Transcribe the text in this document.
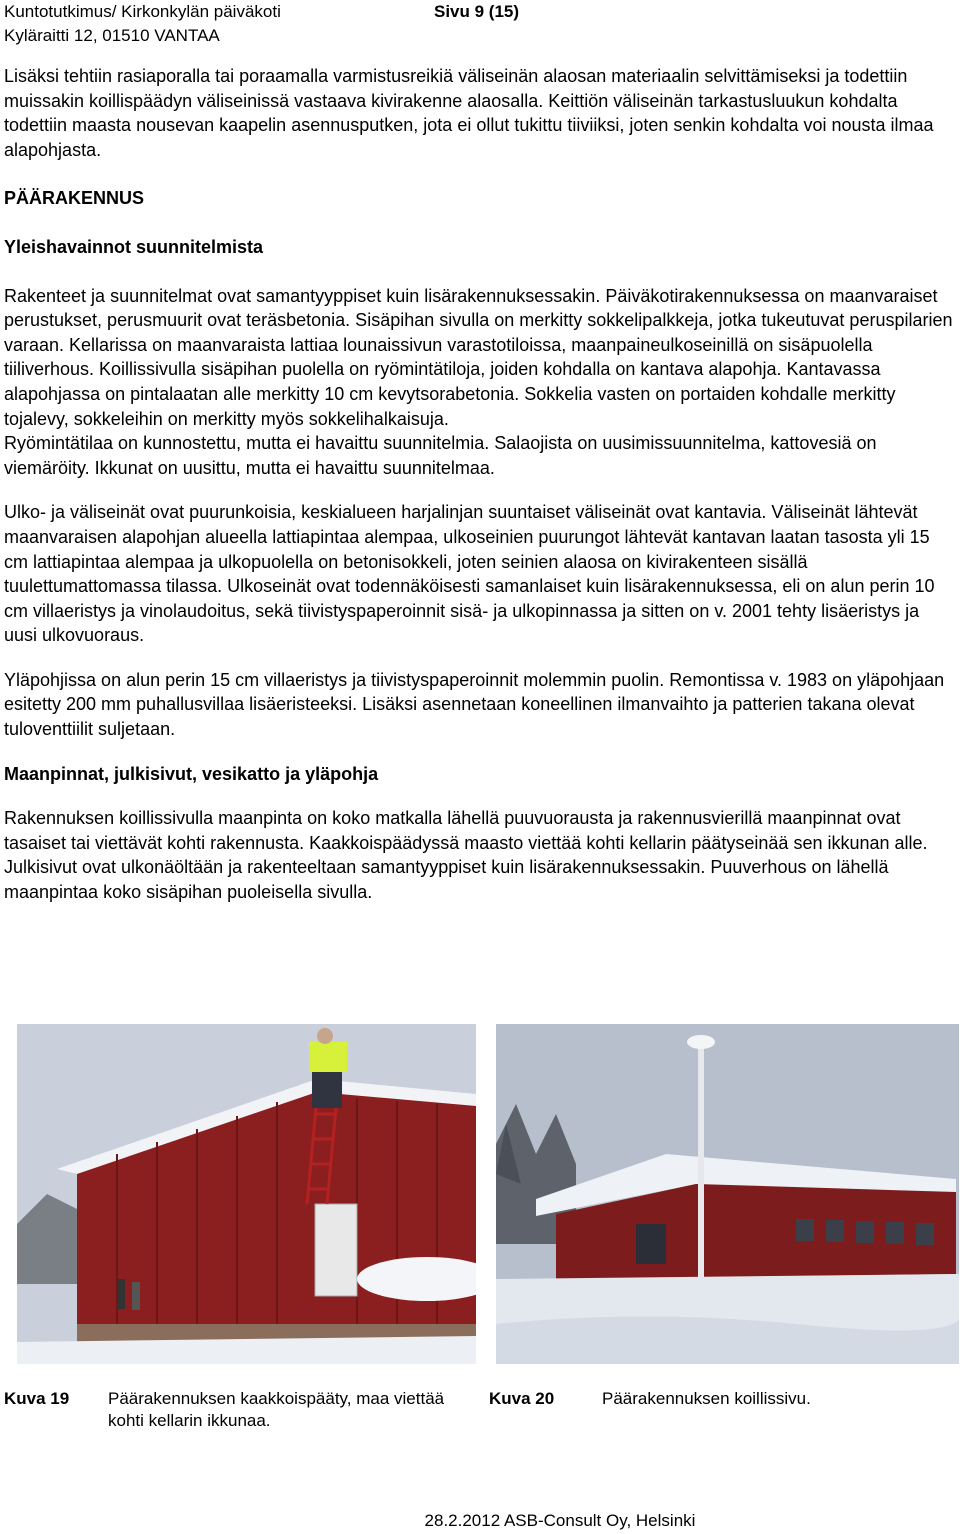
Kuntotutkimus/ Kirkonkylän päiväkoti
Kyläraitti 12, 01510 VANTAA
Sivu 9 (15)

Lisäksi tehtiin rasiaporalla tai poraamalla varmistusreikiä väliseinän alaosan materiaalin selvittämiseksi ja todettiin muissakin koillispäädyn väliseinissä vastaava kivirakenne alaosalla. Keittiön väliseinän tarkastusluukun kohdalta todettiin maasta nousevan kaapelin asennusputken, jota ei ollut tukittu tiiviiksi, joten senkin kohdalta voi nousta ilmaa alapohjasta.

PÄÄRAKENNUS
Yleishavainnot suunnitelmista

Rakenteet ja suunnitelmat ovat samantyyppiset kuin lisärakennuksessakin. Päiväkotirakennuksessa on maanvaraiset perustukset, perusmuurit ovat teräsbetonia. Sisäpihan sivulla on merkitty sokkelipalkkeja, jotka tukeutuvat peruspilarien varaan. Kellarissa on maanvaraista lattiaa lounaissivun varastotiloissa, maanpaineulkoseinillä on sisäpuolella tiiliverhous. Koillissivulla sisäpihan puolella on ryömintätiloja, joiden kohdalla on kantava alapohja. Kantavassa alapohjassa on pintalaatan alle merkitty 10 cm kevytsorabetonia. Sokkelia vasten on portaiden kohdalle merkitty tojalevy, sokkeleihin on merkitty myös sokkelihalkaisuja.

Ryömintätilaa on kunnostettu, mutta ei havaittu suunnitelmia. Salaojista on uusimissuunnitelma, kattovesiä on viemäröity. Ikkunat on uusittu, mutta ei havaittu suunnitelmaa.

Ulko- ja väliseinät ovat puurunkoisia, keskialueen harjalinjan suuntaiset väliseinät ovat kantavia. Väliseinät lähtevät maanvaraisen alapohjan alueella lattiapintaa alempaa, ulkoseinien puurungot lähtevät kantavan laatan tasosta yli 15 cm lattiapintaa alempaa ja ulkopuolella on betonisokkeli, joten seinien alaosa on kivirakenteen sisällä tuulettumattomassa tilassa. Ulkoseinät ovat todennäköisesti samanlaiset kuin lisärakennuksessa, eli on alun perin 10 cm villaeristys ja vinolaudoitus, sekä tiivistyspaperoinnit sisä- ja ulkopinnassa ja sitten on v. 2001 tehty lisäeristys ja uusi ulkovuoraus.

Yläpohjissa on alun perin 15 cm villaeristys ja tiivistyspaperoinnit molemmin puolin. Remontissa v. 1983 on yläpohjaan esitetty 200 mm puhallusvillaa lisäeristeeksi. Lisäksi asennetaan koneellinen ilmanvaihto ja patterien takana olevat tuloventtiilit suljetaan.

Maanpinnat, julkisivut, vesikatto ja yläpohja

Rakennuksen koillissivulla maanpinta on koko matkalla lähellä puuvuorausta ja rakennusvierillä maanpinnat ovat tasaiset tai viettävät kohti rakennusta. Kaakkoispäädyssä maasto viettää kohti kellarin päätyseinää sen ikkunan alle. Julkisivut ovat ulkonäöltään ja rakenteeltaan samantyyppiset kuin lisärakennuksessakin. Puuverhous on lähellä maanpintaa koko sisäpihan puoleisella sivulla.

Kuva 19 Päärakennuksen kaakkoispääty, maa viettää kohti kellarin ikkunaa.
Kuva 20	Päärakennuksen koillissivu.
28.2.2012 ASB-Consult Oy, Helsinki
